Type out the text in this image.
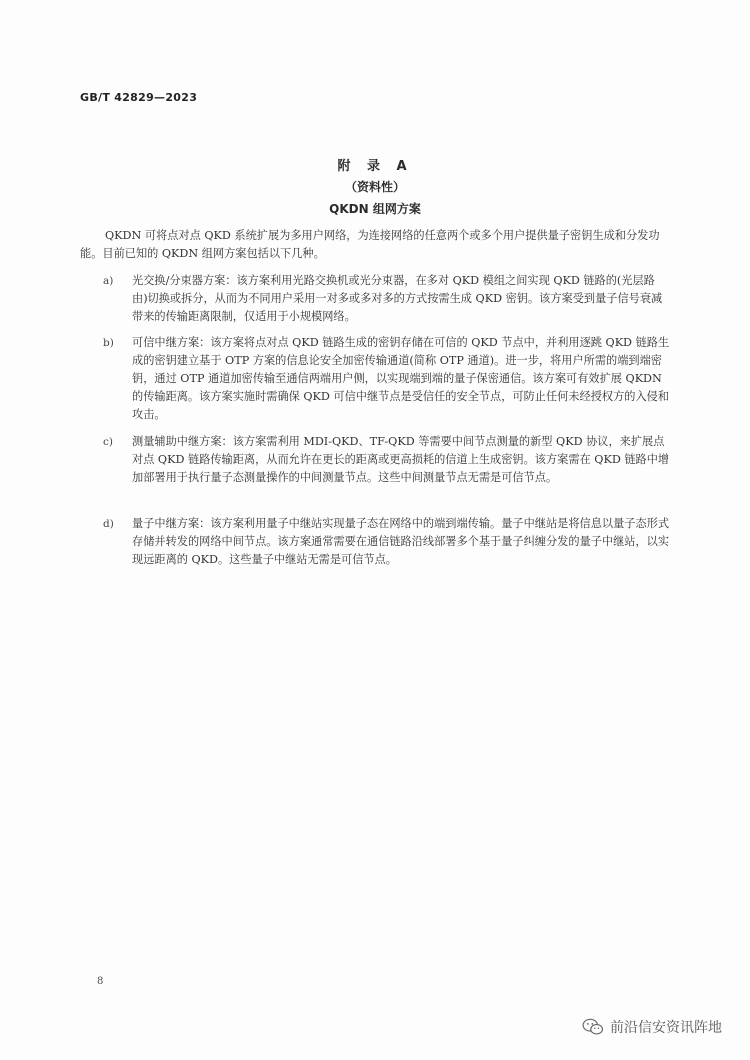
GB/T 42829—2023
附 录 A
（资料性）
QKDN 组网方案
QKDN 可将点对点 QKD 系统扩展为多用户网络，为连接网络的任意两个或多个用户提供量子密钥生成和分发功能。目前已知的 QKDN 组网方案包括以下几种。
a) 光交换/分束器方案：该方案利用光路交换机或光分束器，在多对 QKD 模组之间实现 QKD 链路的(光层路由)切换或拆分，从而为不同用户采用一对多或多对多的方式按需生成 QKD 密钥。该方案受到量子信号衰减带来的传输距离限制，仅适用于小规模网络。
b) 可信中继方案：该方案将点对点 QKD 链路生成的密钥存储在可信的 QKD 节点中，并利用逐跳 QKD 链路生成的密钥建立基于 OTP 方案的信息论安全加密传输通道(简称 OTP 通道)。进一步，将用户所需的端到端密钥，通过 OTP 通道加密传输至通信两端用户侧，以实现端到端的量子保密通信。该方案可有效扩展 QKDN 的传输距离。该方案实施时需确保 QKD 可信中继节点是受信任的安全节点，可防止任何未经授权方的入侵和攻击。
c) 测量辅助中继方案：该方案需利用 MDI-QKD、TF-QKD 等需要中间节点测量的新型 QKD 协议，来扩展点对点 QKD 链路传输距离，从而允许在更长的距离或更高损耗的信道上生成密钥。该方案需在 QKD 链路中增加部署用于执行量子态测量操作的中间测量节点。这些中间测量节点无需是可信节点。
d) 量子中继方案：该方案利用量子中继站实现量子态在网络中的端到端传输。量子中继站是将信息以量子态形式存储并转发的网络中间节点。该方案通常需要在通信链路沿线部署多个基于量子纠缠分发的量子中继站，以实现远距离的 QKD。这些量子中继站无需是可信节点。
8
前沿信安资讯阵地
